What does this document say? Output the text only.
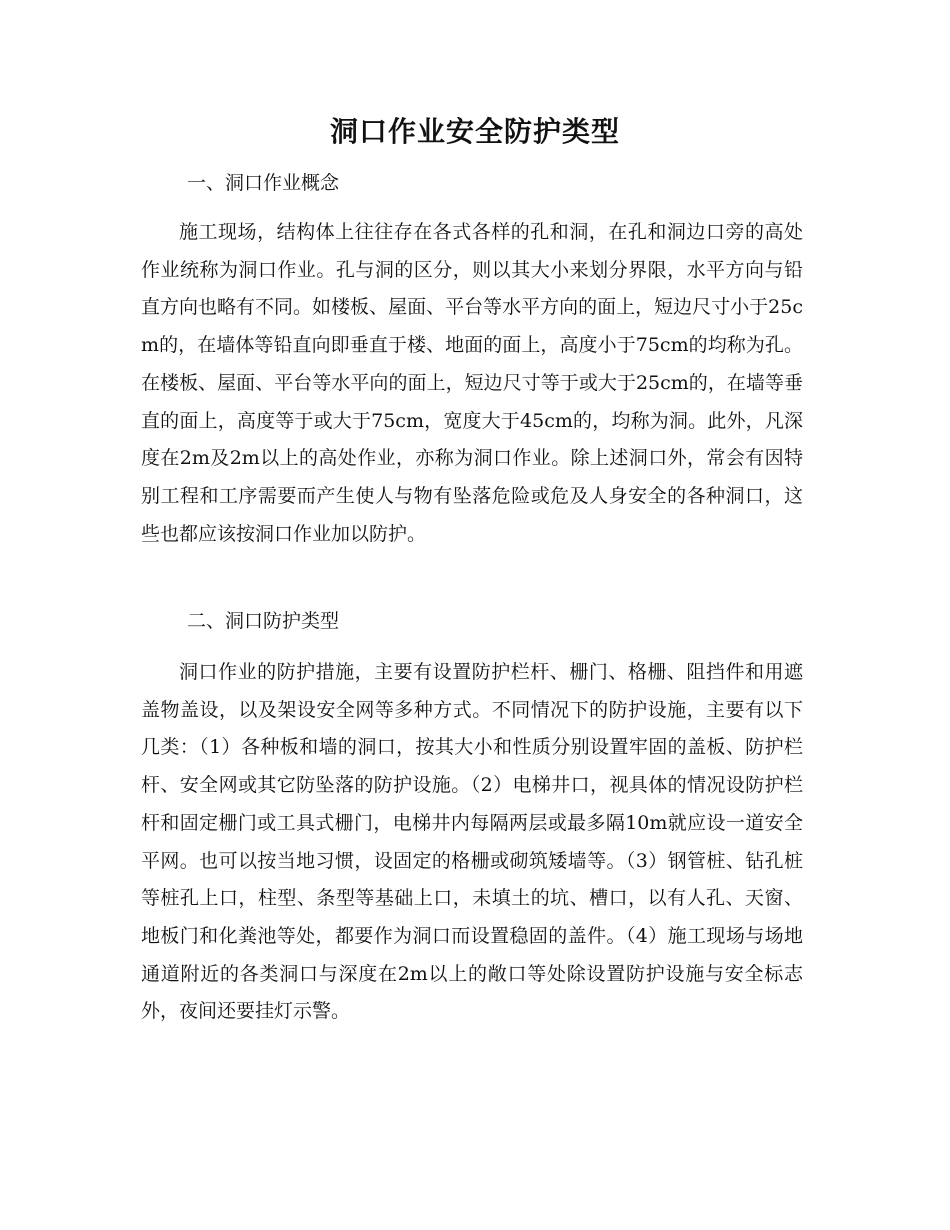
洞口作业安全防护类型
一、洞口作业概念

施工现场，结构体上往往存在各式各样的孔和洞，在孔和洞边口旁的高处作业统称为洞口作业。孔与洞的区分，则以其大小来划分界限，水平方向与铅直方向也略有不同。如楼板、屋面、平台等水平方向的面上，短边尺寸小于25cm的，在墙体等铅直向即垂直于楼、地面的面上，高度小于75cm的均称为孔。在楼板、屋面、平台等水平向的面上，短边尺寸等于或大于25cm的，在墙等垂直的面上，高度等于或大于75cm，宽度大于45cm的，均称为洞。此外，凡深度在2m及2m以上的高处作业，亦称为洞口作业。除上述洞口外，常会有因特别工程和工序需要而产生使人与物有坠落危险或危及人身安全的各种洞口，这些也都应该按洞口作业加以防护。

二、洞口防护类型

洞口作业的防护措施，主要有设置防护栏杆、栅门、格栅、阻挡件和用遮盖物盖设，以及架设安全网等多种方式。不同情况下的防护设施，主要有以下几类：（1）各种板和墙的洞口，按其大小和性质分别设置牢固的盖板、防护栏杆、安全网或其它防坠落的防护设施。（2）电梯井口，视具体的情况设防护栏杆和固定栅门或工具式栅门，电梯井内每隔两层或最多隔10m就应设一道安全平网。也可以按当地习惯，设固定的格栅或砌筑矮墙等。（3）钢管桩、钻孔桩等桩孔上口，柱型、条型等基础上口，未填土的坑、槽口，以有人孔、天窗、地板门和化粪池等处，都要作为洞口而设置稳固的盖件。（4）施工现场与场地通道附近的各类洞口与深度在2m以上的敞口等处除设置防护设施与安全标志外，夜间还要挂灯示警。
